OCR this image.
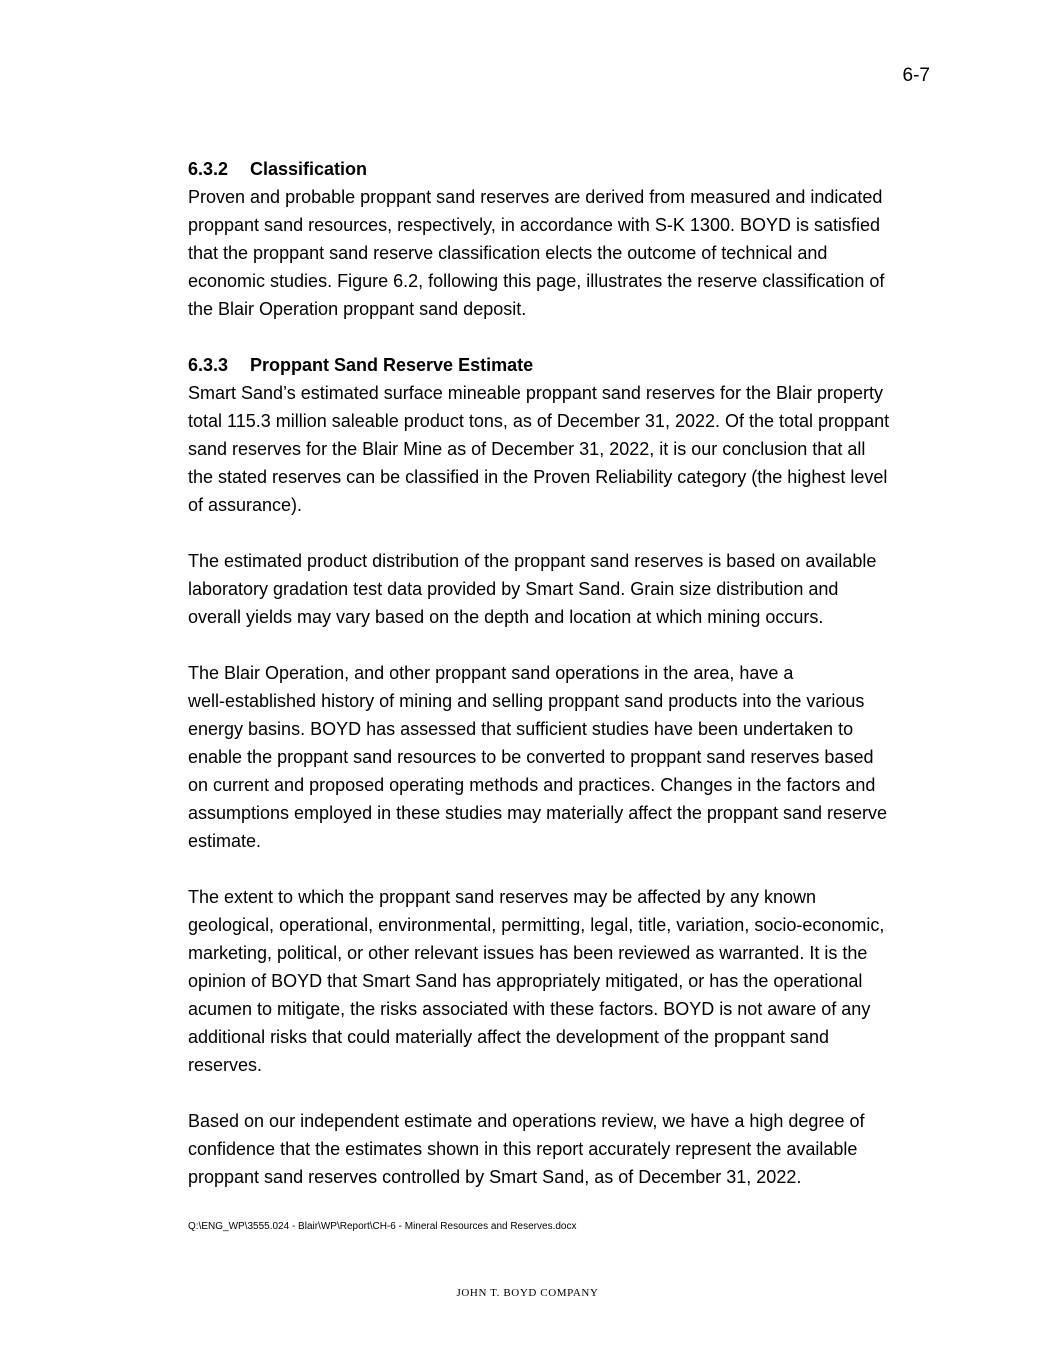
6-7

6.3.2 Classification

Proven and probable proppant sand reserves are derived from measured and indicated
proppant sand resources, respectively, in accordance with S-K 1300. BOYD is satisfied
that the proppant sand reserve classification elects the outcome of technical and
economic studies. Figure 6.2, following this page, illustrates the reserve classification of
the Blair Operation proppant sand deposit.

6.3.3 Proppant Sand Reserve Estimate

Smart Sand’s estimated surface mineable proppant sand reserves for the Blair property
total 115.3 million saleable product tons, as of December 31, 2022. Of the total proppant
sand reserves for the Blair Mine as of December 31, 2022, it is our conclusion that all
the stated reserves can be classified in the Proven Reliability category (the highest level
of assurance).

The estimated product distribution of the proppant sand reserves is based on available
laboratory gradation test data provided by Smart Sand. Grain size distribution and
overall yields may vary based on the depth and location at which mining occurs.

The Blair Operation, and other proppant sand operations in the area, have a
well-established history of mining and selling proppant sand products into the various
energy basins. BOYD has assessed that sufficient studies have been undertaken to
enable the proppant sand resources to be converted to proppant sand reserves based
on current and proposed operating methods and practices. Changes in the factors and
assumptions employed in these studies may materially affect the proppant sand reserve
estimate.

The extent to which the proppant sand reserves may be affected by any known
geological, operational, environmental, permitting, legal, title, variation, socio-economic,
marketing, political, or other relevant issues has been reviewed as warranted. It is the
opinion of BOYD that Smart Sand has appropriately mitigated, or has the operational
acumen to mitigate, the risks associated with these factors. BOYD is not aware of any
additional risks that could materially affect the development of the proppant sand
reserves.

Based on our independent estimate and operations review, we have a high degree of
confidence that the estimates shown in this report accurately represent the available
proppant sand reserves controlled by Smart Sand, as of December 31, 2022.

Q:\ENG_WP\3555.024 - Blair\WP\Report\CH-6 - Mineral Resources and Reserves.docx
JOHN T. BOYD COMPANY
